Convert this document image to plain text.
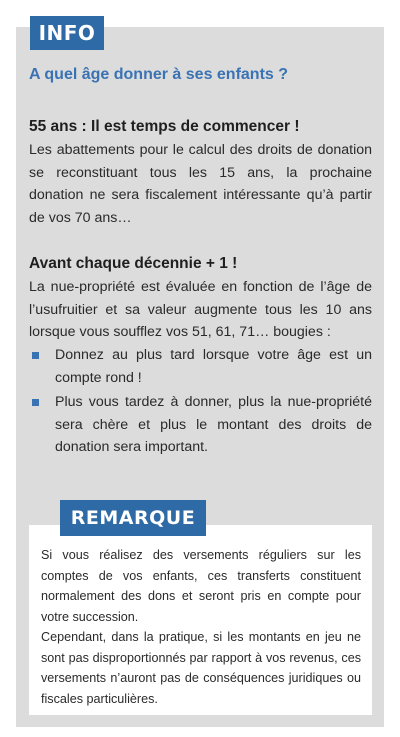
INFO
A quel âge donner à ses enfants ?
55 ans : Il est temps de commencer !
Les abattements pour le calcul des droits de donation se reconstituant tous les 15 ans, la prochaine donation ne sera fiscalement intéressante qu’à partir de vos 70 ans…
Avant chaque décennie + 1 !
La nue-propriété est évaluée en fonction de l’âge de l’usufruitier et sa valeur augmente tous les 10 ans lorsque vous soufflez vos 51, 61, 71… bougies :
Donnez au plus tard lorsque votre âge est un compte rond !
Plus vous tardez à donner, plus la nue-propriété sera chère et plus le montant des droits de donation sera important.

Si vous réalisez des versements réguliers sur les comptes de vos enfants, ces transferts constituent normalement des dons et seront pris en compte pour votre succession.

Cependant, dans la pratique, si les montants en jeu ne sont pas disproportionnés par rapport à vos revenus, ces versements n’auront pas de conséquences juridiques ou fiscales particulières.

REMARQUE
